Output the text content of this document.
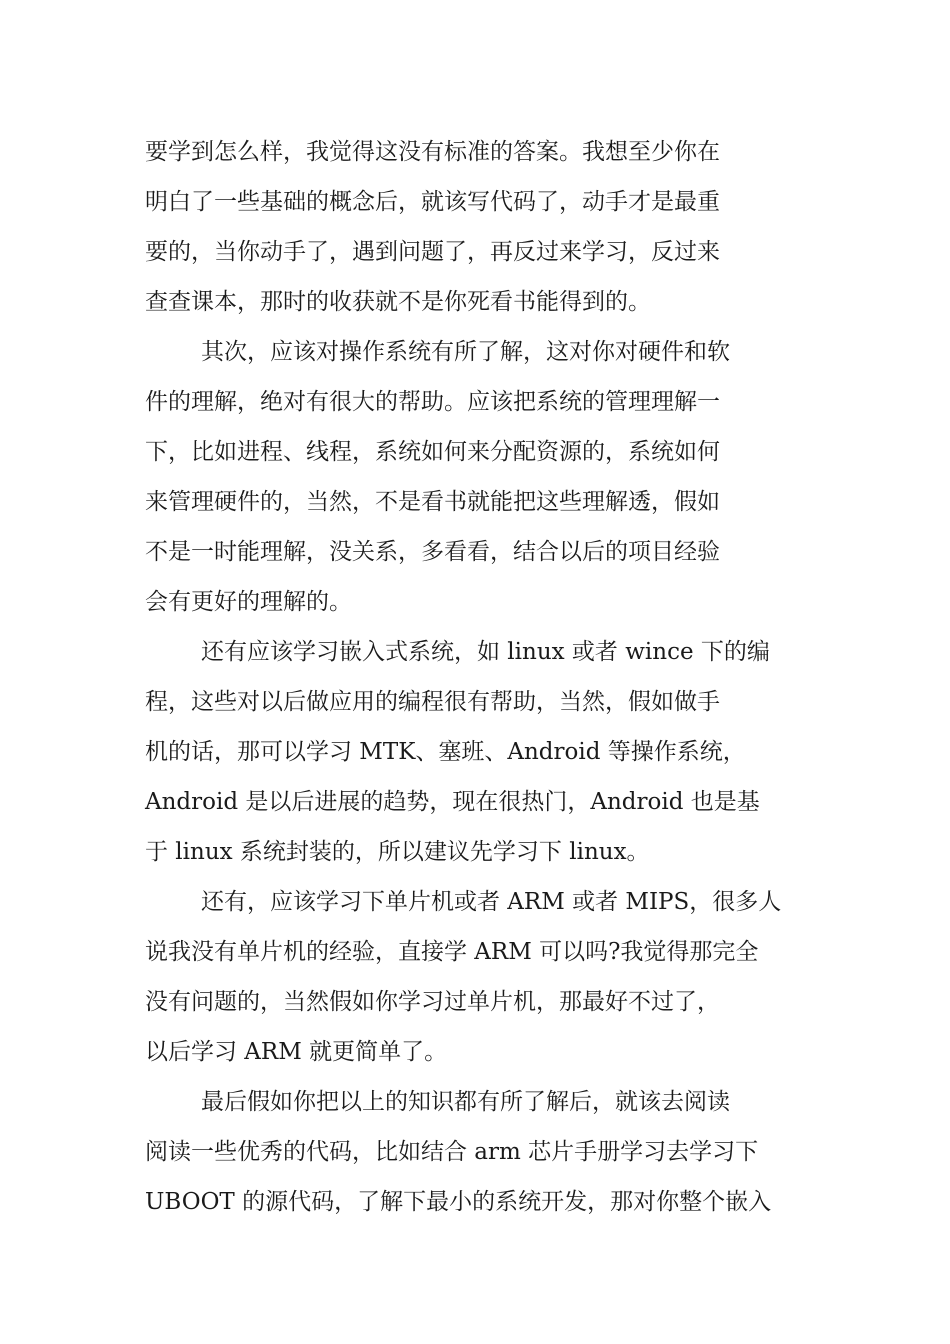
要学到怎么样，我觉得这没有标准的答案。我想至少你在
明白了一些基础的概念后，就该写代码了，动手才是最重
要的，当你动手了，遇到问题了，再反过来学习，反过来
查查课本，那时的收获就不是你死看书能得到的。
其次，应该对操作系统有所了解，这对你对硬件和软
件的理解，绝对有很大的帮助。应该把系统的管理理解一
下，比如进程、线程，系统如何来分配资源的，系统如何
来管理硬件的，当然，不是看书就能把这些理解透，假如
不是一时能理解，没关系，多看看，结合以后的项目经验
会有更好的理解的。
还有应该学习嵌入式系统，如 linux 或者 wince 下的编
程，这些对以后做应用的编程很有帮助，当然，假如做手
机的话，那可以学习 MTK、塞班、Android 等操作系统，
Android 是以后进展的趋势，现在很热门，Android 也是基
于 linux 系统封装的，所以建议先学习下 linux。
还有，应该学习下单片机或者 ARM 或者 MIPS，很多人
说我没有单片机的经验，直接学 ARM 可以吗?我觉得那完全
没有问题的，当然假如你学习过单片机，那最好不过了，
以后学习 ARM 就更简单了。
最后假如你把以上的知识都有所了解后，就该去阅读
阅读一些优秀的代码，比如结合 arm 芯片手册学习去学习下
UBOOT 的源代码，了解下最小的系统开发，那对你整个嵌入
